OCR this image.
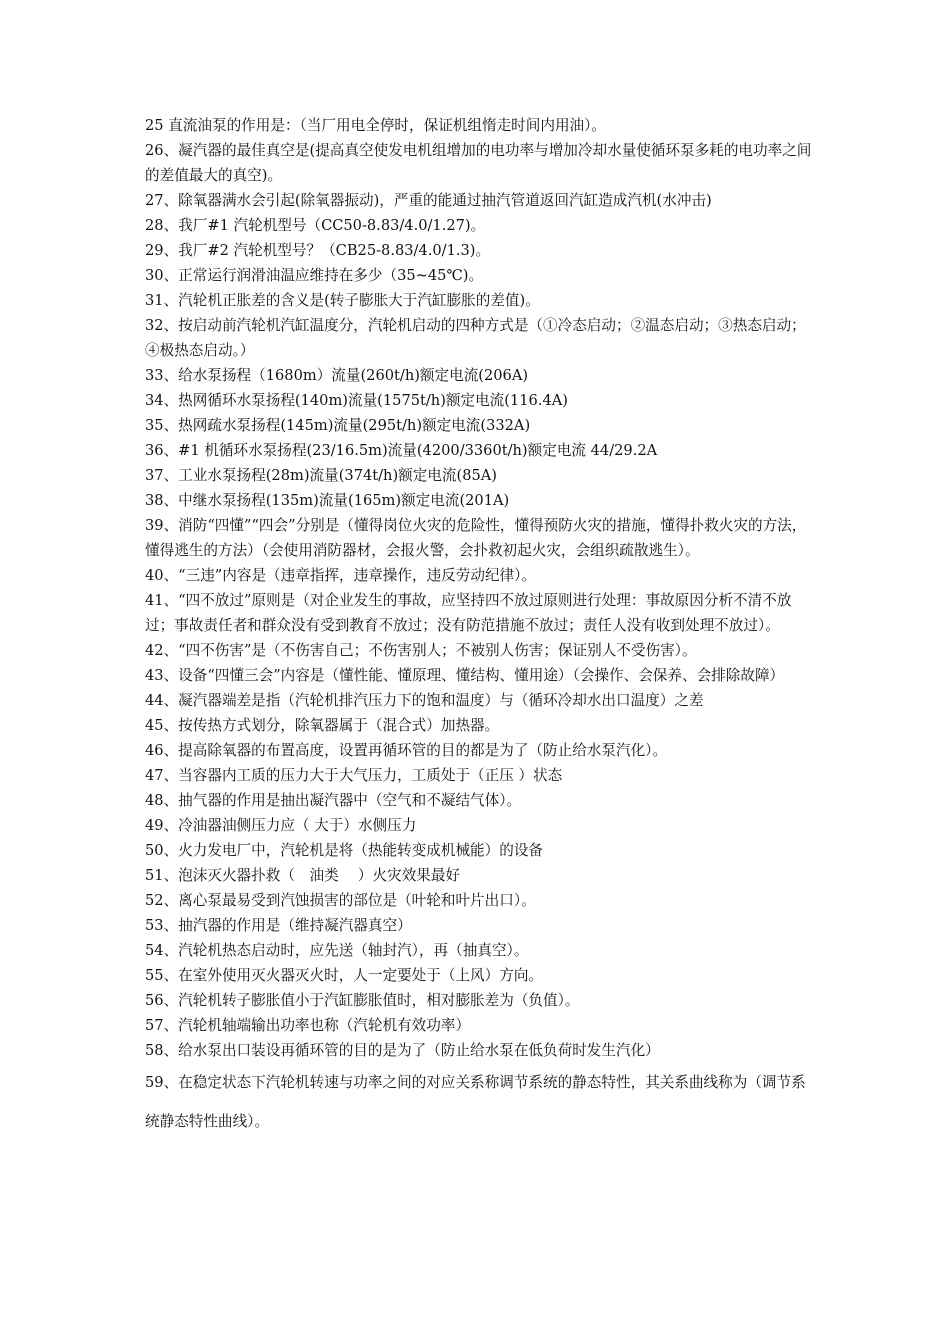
25 直流油泵的作用是：（当厂用电全停时，保证机组惰走时间内用油）。

26、凝汽器的最佳真空是(提高真空使发电机组增加的电功率与增加冷却水量使循环泵多耗的电功率之间的差值最大的真空)。

27、除氧器满水会引起(除氧器振动)，严重的能通过抽汽管道返回汽缸造成汽机(水冲击)

28、我厂#1 汽轮机型号（CC50-8.83/4.0/1.27)。

29、我厂#2 汽轮机型号？（CB25-8.83/4.0/1.3)。

30、正常运行润滑油温应维持在多少（35~45℃)。

31、汽轮机正胀差的含义是(转子膨胀大于汽缸膨胀的差值)。

32、按启动前汽轮机汽缸温度分，汽轮机启动的四种方式是（①冷态启动；②温态启动；③热态启动；④极热态启动。）

33、给水泵扬程（1680m）流量(260t/h)额定电流(206A)

34、热网循环水泵扬程(140m)流量(1575t/h)额定电流(116.4A)

35、热网疏水泵扬程(145m)流量(295t/h)额定电流(332A)

36、#1 机循环水泵扬程(23/16.5m)流量(4200/3360t/h)额定电流 44/29.2A

37、工业水泵扬程(28m)流量(374t/h)额定电流(85A)

38、中继水泵扬程(135m)流量(165m)额定电流(201A)

39、消防“四懂”“四会”分别是（懂得岗位火灾的危险性，懂得预防火灾的措施，懂得扑救火灾的方法，懂得逃生的方法）（会使用消防器材，会报火警，会扑救初起火灾，会组织疏散逃生）。

40、“三违”内容是（违章指挥，违章操作，违反劳动纪律）。

41、“四不放过”原则是（对企业发生的事故，应坚持四不放过原则进行处理：事故原因分析不清不放过；事故责任者和群众没有受到教育不放过；没有防范措施不放过；责任人没有收到处理不放过）。

42、“四不伤害”是（不伤害自己；不伤害别人；不被别人伤害；保证别人不受伤害）。

43、设备“四懂三会”内容是（懂性能、懂原理、懂结构、懂用途）（会操作、会保养、会排除故障）

44、凝汽器端差是指（汽轮机排汽压力下的饱和温度）与（循环冷却水出口温度）之差

45、按传热方式划分，除氧器属于（混合式）加热器。

46、提高除氧器的布置高度，设置再循环管的目的都是为了（防止给水泵汽化）。

47、当容器内工质的压力大于大气压力，工质处于（正压 ）状态

48、抽气器的作用是抽出凝汽器中（空气和不凝结气体）。

49、冷油器油侧压力应（ 大于）水侧压力

50、火力发电厂中，汽轮机是将（热能转变成机械能）的设备

51、泡沫灭火器扑救（　油类　 ）火灾效果最好

52、离心泵最易受到汽蚀损害的部位是（叶轮和叶片出口）。

53、抽汽器的作用是（维持凝汽器真空）

54、汽轮机热态启动时，应先送（轴封汽），再（抽真空）。

55、在室外使用灭火器灭火时，人一定要处于（上风）方向。

56、汽轮机转子膨胀值小于汽缸膨胀值时，相对膨胀差为（负值）。

57、汽轮机轴端输出功率也称（汽轮机有效功率）

58、给水泵出口装设再循环管的目的是为了（防止给水泵在低负荷时发生汽化）

59、在稳定状态下汽轮机转速与功率之间的对应关系称调节系统的静态特性，其关系曲线称为（调节系统静态特性曲线）。
